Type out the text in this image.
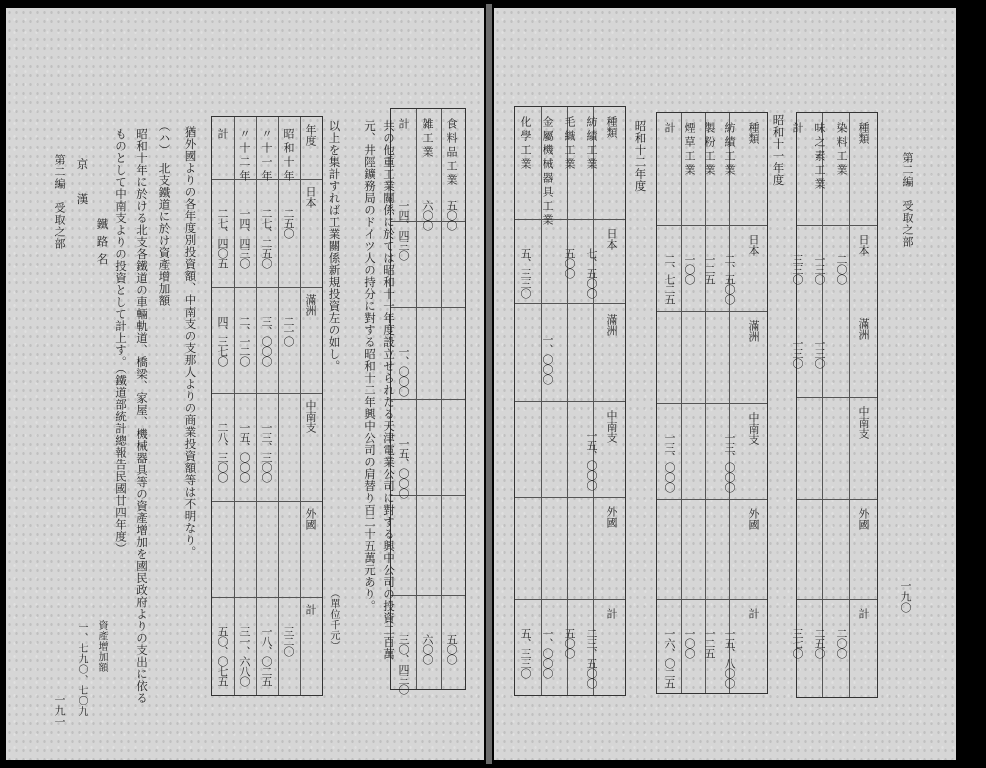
共の他重工業關係に於ては昭和十一年度設立せられたる天津電業公司に對する興中公司の投資二百萬元、井陘鑛務局のドイツ人の持分に對する昭和十二年興中公司の肩替り百二十五萬元あり。
以上を集計すれば工業關係新規投資左の如し。
（單位千元）
猶外國よりの各年度別投資額、中南支の支那人よりの商業投資額等は不明なり。
（ハ）　北支鐵道に於け資產增加額
昭和十年に於ける北支各鐵道の車輛軌道、橋梁、家屋、機械器具等の資產增加を國民政府よりの支出に依るものとして中南支よりの投資として計上す。（鐵道部統計總報告民國廿四年度）
鐵路名
資產增加額
京　漢
一、七九〇、七〇九
第二編　受取之部
一九一
食料品工業
五〇〇
五〇〇
雑工業
六〇〇
六〇〇
計
一四、四三〇
一、〇〇〇
一五、〇〇〇
三〇、四三〇
年度
日本
滿洲
中南支
外國
計
昭和十年
二五〇
二一〇
三二〇
〃十一年
二七、二五〇
三、〇〇〇
一三、三〇〇
一八、〇二五
〃十二年
一四、四三〇
二、一二〇
一五、〇〇〇
三一、六八〇
計
二七、四〇五
四、三七〇
二八、三〇〇
五〇、〇七五
第二編　受取之部
一九〇
昭和十一年度
昭和十二年度	種類
日本
滿洲
中南支
外國
計
染料工業
二〇〇
二〇〇
味之素工業
一三〇
一三〇
二五〇
計
三三〇
一三〇
三七〇
種類
日本
滿洲
中南支
外國
計
紡績工業
二、五〇〇
一三、〇〇〇
一五、八〇〇
製粉工業
一二五
一二五
煙草工業
一〇〇
一〇〇
計
二、七二五
一三、〇〇〇
一六、〇二五
種類
日本
滿洲
中南支
外國
計
紡績工業
七、五〇〇
一五、〇〇〇
二三、五〇〇
毛織工業
五〇〇
五〇〇
金屬機械器具工業
一、〇〇〇
一、〇〇〇
化學工業
五、三三〇
五、三三〇
